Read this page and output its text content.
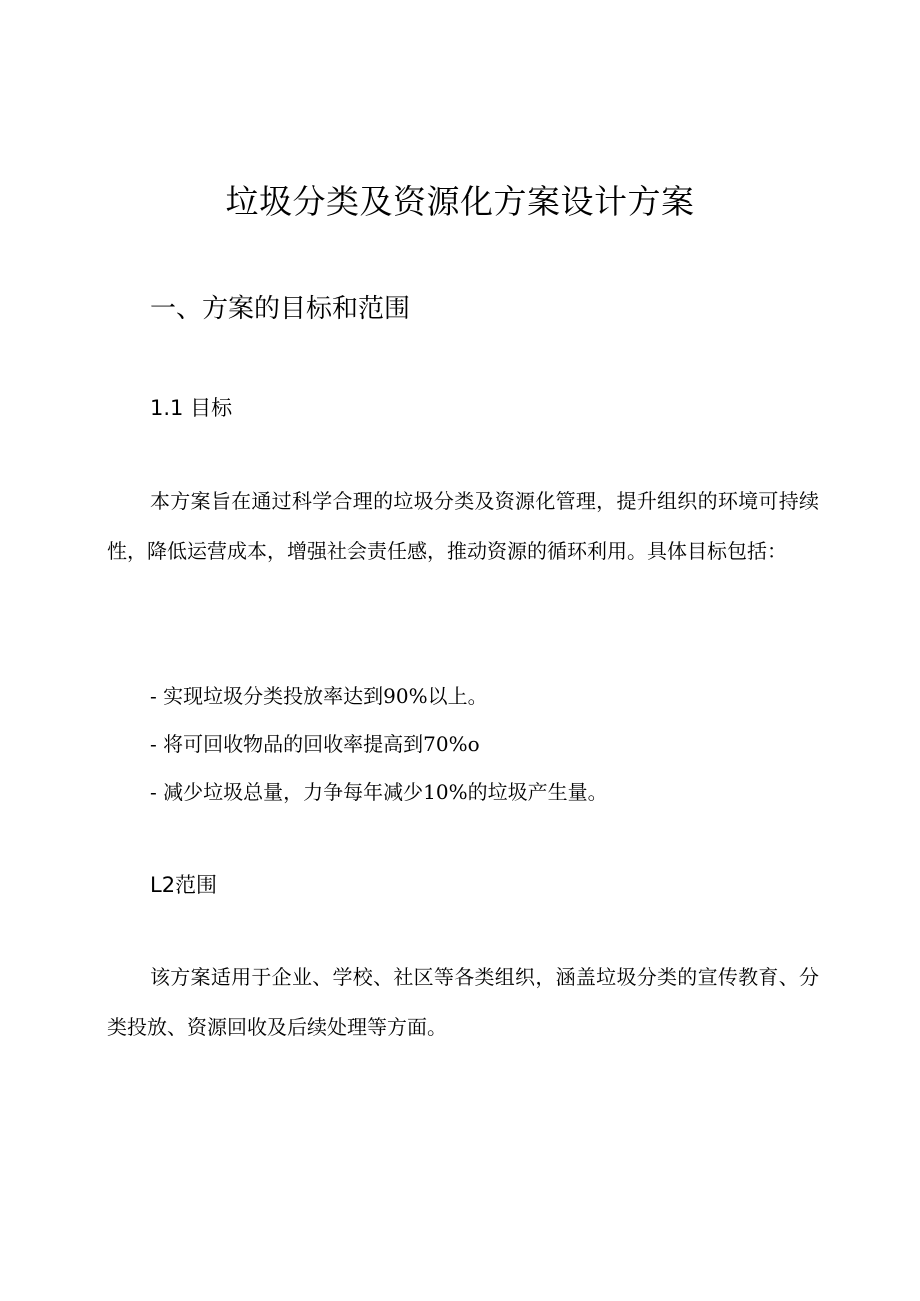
垃圾分类及资源化方案设计方案
一、方案的目标和范围
1.1 目标

本方案旨在通过科学合理的垃圾分类及资源化管理，提升组织的环境可持续性，降低运营成本，增强社会责任感，推动资源的循环利用。具体目标包括：

- 实现垃圾分类投放率达到90%以上。
- 将可回收物品的回收率提高到70%o
- 减少垃圾总量，力争每年减少10%的垃圾产生量。
L2范围

该方案适用于企业、学校、社区等各类组织，涵盖垃圾分类的宣传教育、分类投放、资源回收及后续处理等方面。
